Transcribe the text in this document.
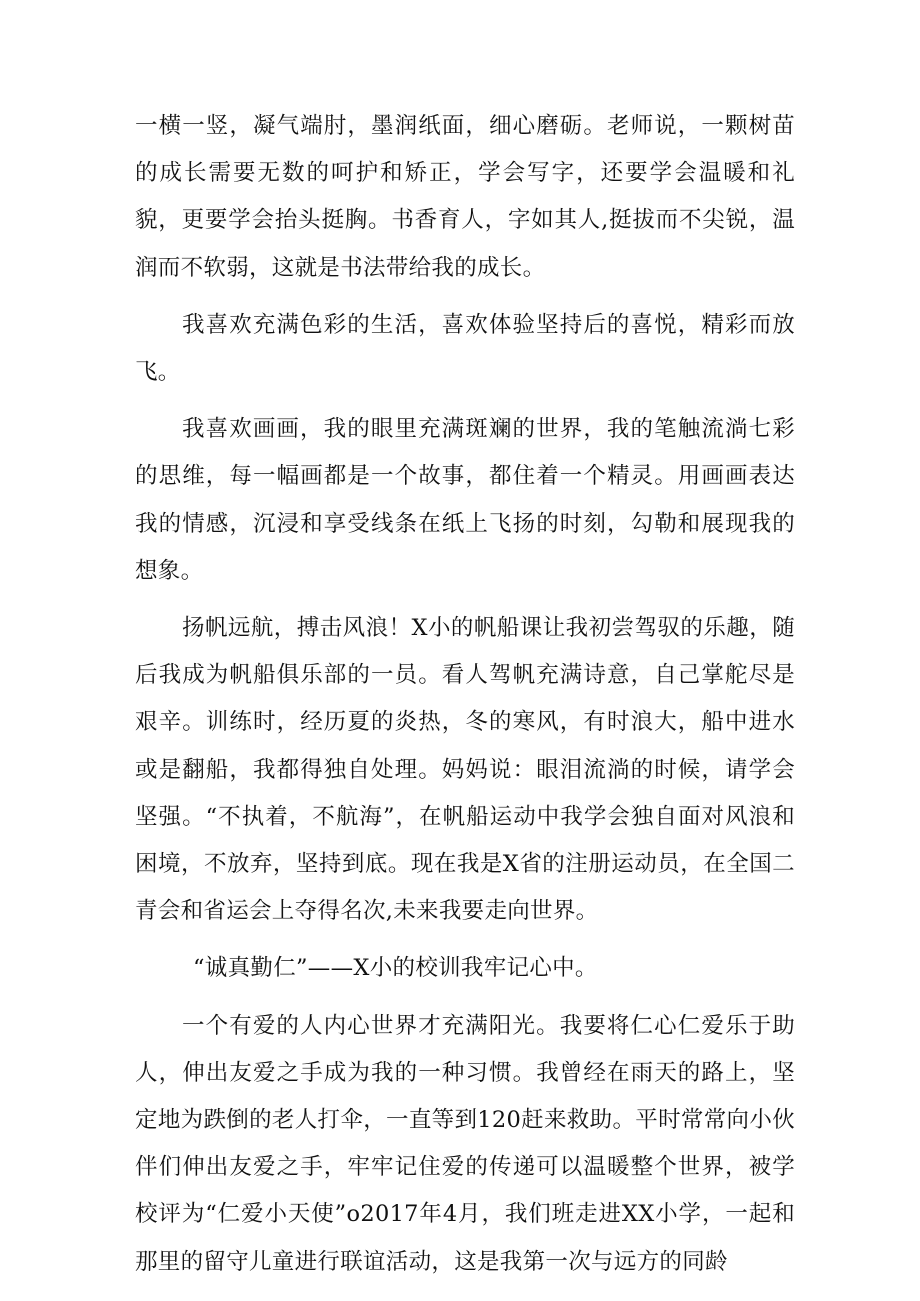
一横一竖，凝气端肘，墨润纸面，细心磨砺。老师说，一颗树苗的成长需要无数的呵护和矫正，学会写字，还要学会温暖和礼貌，更要学会抬头挺胸。书香育人，字如其人,挺拔而不尖锐，温润而不软弱，这就是书法带给我的成长。

我喜欢充满色彩的生活，喜欢体验坚持后的喜悦，精彩而放飞。

我喜欢画画，我的眼里充满斑斓的世界，我的笔触流淌七彩的思维，每一幅画都是一个故事，都住着一个精灵。用画画表达我的情感，沉浸和享受线条在纸上飞扬的时刻，勾勒和展现我的想象。

扬帆远航，搏击风浪！X小的帆船课让我初尝驾驭的乐趣，随后我成为帆船俱乐部的一员。看人驾帆充满诗意，自己掌舵尽是艰辛。训练时，经历夏的炎热，冬的寒风，有时浪大，船中进水或是翻船，我都得独自处理。妈妈说：眼泪流淌的时候，请学会坚强。“不执着，不航海”，在帆船运动中我学会独自面对风浪和困境，不放弃，坚持到底。现在我是X省的注册运动员，在全国二青会和省运会上夺得名次,未来我要走向世界。

“诚真勤仁”——X小的校训我牢记心中。

一个有爱的人内心世界才充满阳光。我要将仁心仁爱乐于助人，伸出友爱之手成为我的一种习惯。我曾经在雨天的路上，坚定地为跌倒的老人打伞，一直等到120赶来救助。平时常常向小伙伴们伸出友爱之手，牢牢记住爱的传递可以温暖整个世界，被学校评为“仁爱小天使”o2017年4月，我们班走进XX小学，一起和那里的留守儿童进行联谊活动，这是我第一次与远方的同龄
